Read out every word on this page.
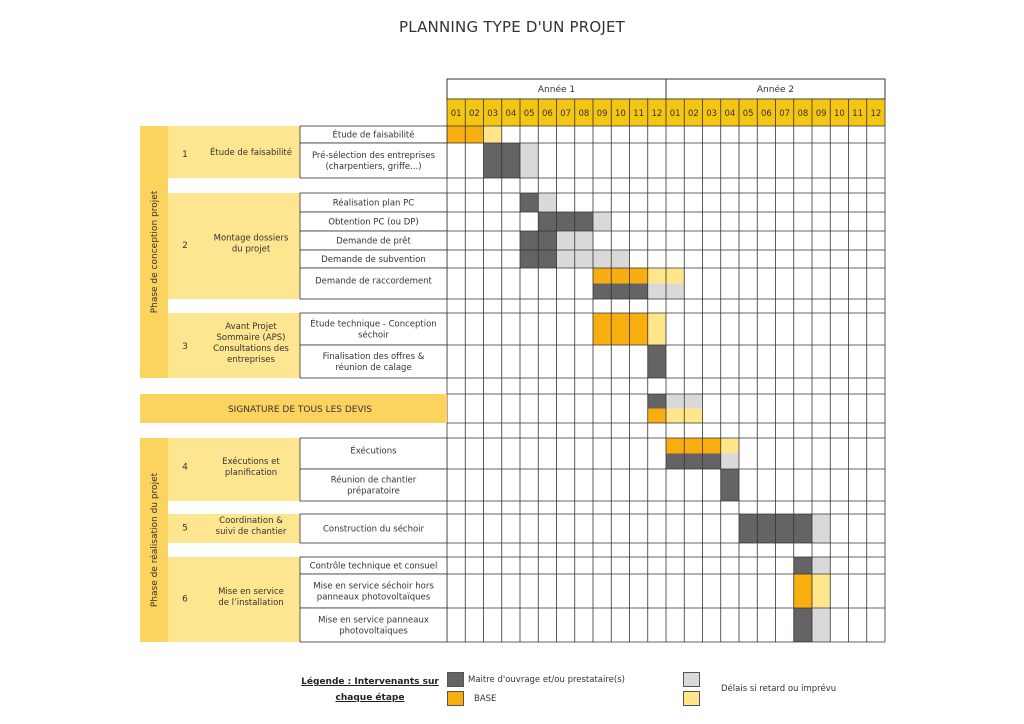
PLANNING TYPE D'UN PROJET
Année 1	Année 2
01 02 03 04 05 06 07 08 09 10 11 12 01 02 03 04 05 06 07 08 09 10 11 12
Phase de conception projet
Phase de réalisation du projet
1	Étude de faisabilité
2
Montage dossiers du projet
3
Avant Projet Sommaire (APS) Consultations des entreprises
4
Exécutions et planification
5
Coordination & suivi de chantier
6
Mise en service de l’installation
Étude de faisabilité
Pré-sélection des entreprises (charpentiers, griffe...)
Réalisation plan PC
Obtention PC (ou DP)
Demande de prêt
Demande de subvention
Demande de raccordement
Étude technique - Conception séchoir
Finalisation des offres & réunion de calage
Éxécutions
Réunion de chantier préparatoire
Construction du séchoir
Contrôle technique et consuel
Mise en service séchoir hors panneaux photovoltaïques
Mise en service panneaux photovoltaïques
SIGNATURE DE TOUS LES DEVIS
Légende : Intervenants sur chaque étape
Maitre d'ouvrage et/ou prestataire(s)
BASE
Délais si retard ou imprévu
